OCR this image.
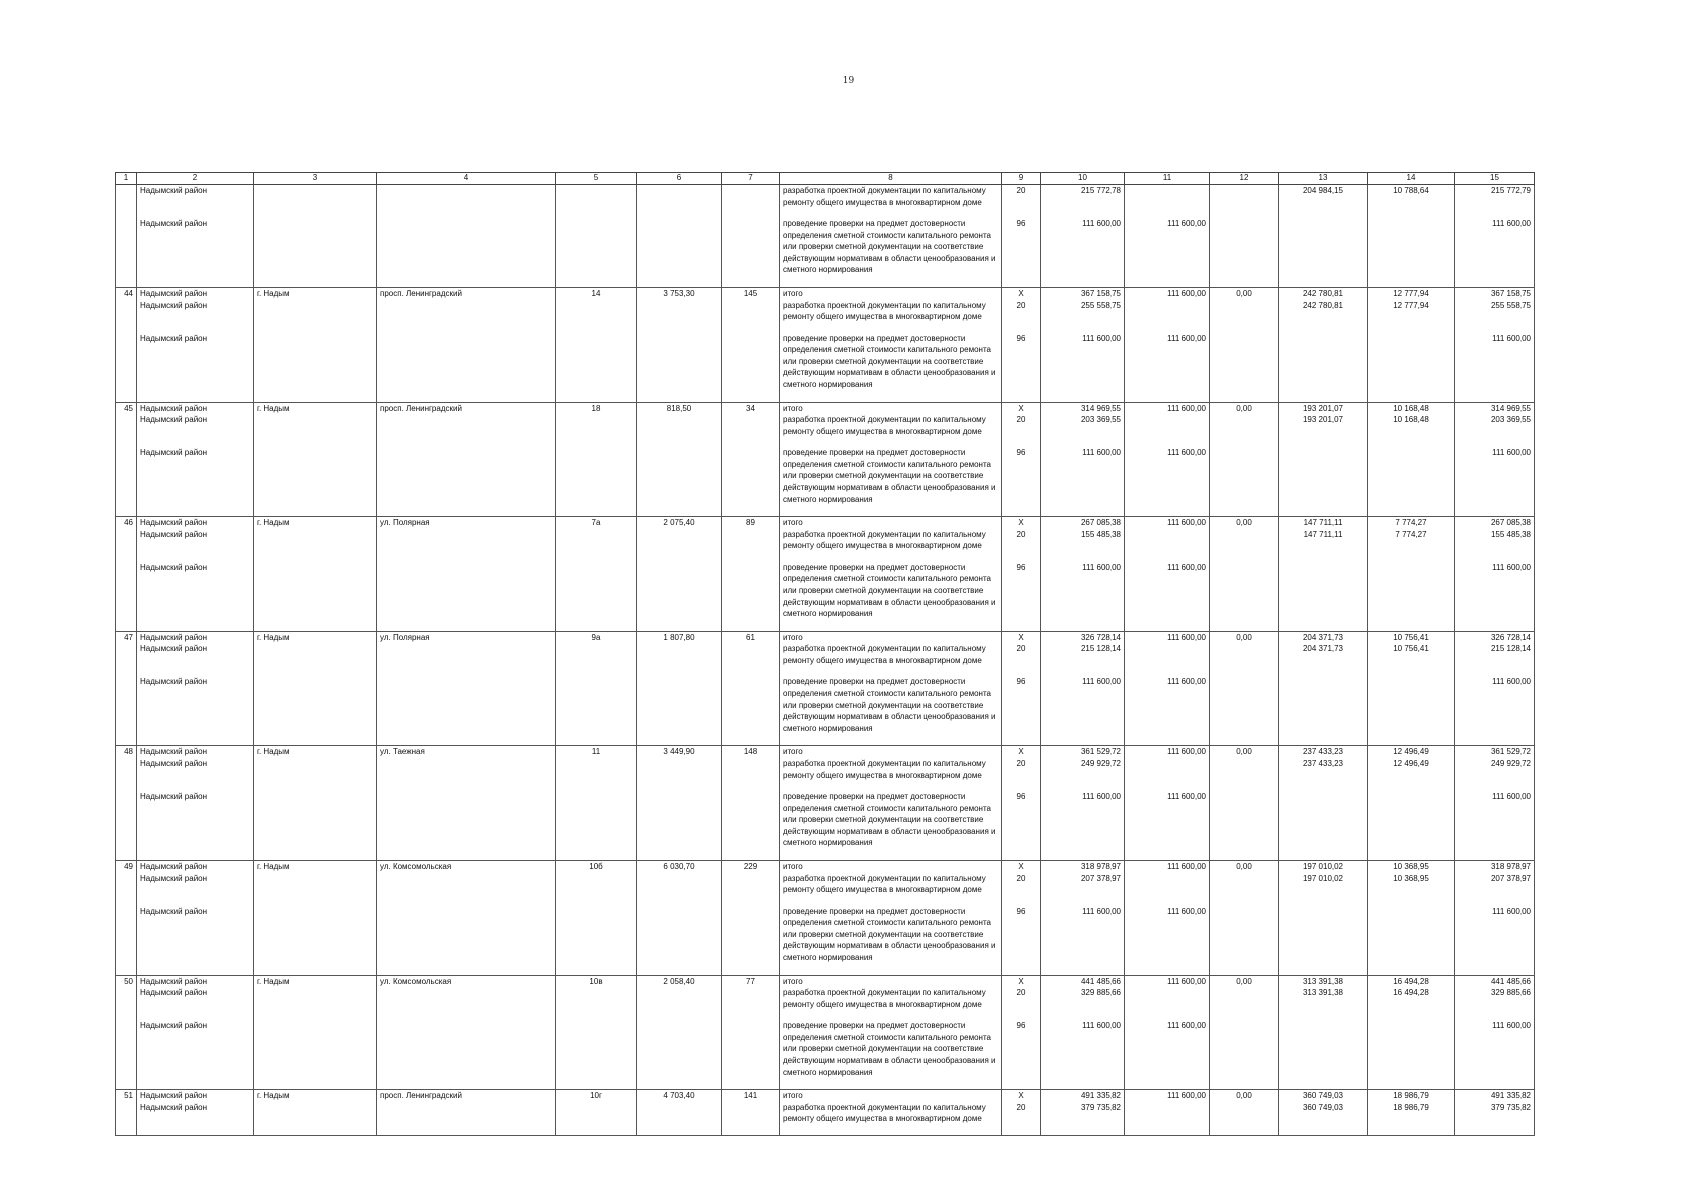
19
1	2	3	4	5	6	7	8	9	10	11	12	13	14	15
	Надымский район						разработка проектной документации по капитальному ремонту общего имущества в многоквартирном доме	20	215 772,78			204 984,15	10 788,64	215 772,79
	Надымский район						проведение проверки на предмет достоверности определения сметной стоимости капитального ремонта или проверки сметной документации на соответствие действующим нормативам в области ценообразования и сметного нормирования	96	111 600,00	111 600,00				111 600,00
44	Надымский район	г. Надым	просп. Ленинградский	14	3 753,30	145	итого	Х	367 158,75	111 600,00	0,00	242 780,81	12 777,94	367 158,75
	Надымский район						разработка проектной документации по капитальному ремонту общего имущества в многоквартирном доме	20	255 558,75			242 780,81	12 777,94	255 558,75
	Надымский район						проведение проверки на предмет достоверности определения сметной стоимости капитального ремонта или проверки сметной документации на соответствие действующим нормативам в области ценообразования и сметного нормирования	96	111 600,00	111 600,00				111 600,00
45	Надымский район	г. Надым	просп. Ленинградский	18	818,50	34	итого	Х	314 969,55	111 600,00	0,00	193 201,07	10 168,48	314 969,55
	Надымский район						разработка проектной документации по капитальному ремонту общего имущества в многоквартирном доме	20	203 369,55			193 201,07	10 168,48	203 369,55
	Надымский район						проведение проверки на предмет достоверности определения сметной стоимости капитального ремонта или проверки сметной документации на соответствие действующим нормативам в области ценообразования и сметного нормирования	96	111 600,00	111 600,00				111 600,00
46	Надымский район	г. Надым	ул. Полярная	7а	2 075,40	89	итого	Х	267 085,38	111 600,00	0,00	147 711,11	7 774,27	267 085,38
	Надымский район						разработка проектной документации по капитальному ремонту общего имущества в многоквартирном доме	20	155 485,38			147 711,11	7 774,27	155 485,38
	Надымский район						проведение проверки на предмет достоверности определения сметной стоимости капитального ремонта или проверки сметной документации на соответствие действующим нормативам в области ценообразования и сметного нормирования	96	111 600,00	111 600,00				111 600,00
47	Надымский район	г. Надым	ул. Полярная	9а	1 807,80	61	итого	Х	326 728,14	111 600,00	0,00	204 371,73	10 756,41	326 728,14
	Надымский район						разработка проектной документации по капитальному ремонту общего имущества в многоквартирном доме	20	215 128,14			204 371,73	10 756,41	215 128,14
	Надымский район						проведение проверки на предмет достоверности определения сметной стоимости капитального ремонта или проверки сметной документации на соответствие действующим нормативам в области ценообразования и сметного нормирования	96	111 600,00	111 600,00				111 600,00
48	Надымский район	г. Надым	ул. Таежная	11	3 449,90	148	итого	Х	361 529,72	111 600,00	0,00	237 433,23	12 496,49	361 529,72
	Надымский район						разработка проектной документации по капитальному ремонту общего имущества в многоквартирном доме	20	249 929,72			237 433,23	12 496,49	249 929,72
	Надымский район						проведение проверки на предмет достоверности определения сметной стоимости капитального ремонта или проверки сметной документации на соответствие действующим нормативам в области ценообразования и сметного нормирования	96	111 600,00	111 600,00				111 600,00
49	Надымский район	г. Надым	ул. Комсомольская	10б	6 030,70	229	итого	Х	318 978,97	111 600,00	0,00	197 010,02	10 368,95	318 978,97
	Надымский район						разработка проектной документации по капитальному ремонту общего имущества в многоквартирном доме	20	207 378,97			197 010,02	10 368,95	207 378,97
	Надымский район						проведение проверки на предмет достоверности определения сметной стоимости капитального ремонта или проверки сметной документации на соответствие действующим нормативам в области ценообразования и сметного нормирования	96	111 600,00	111 600,00				111 600,00
50	Надымский район	г. Надым	ул. Комсомольская	10в	2 058,40	77	итого	Х	441 485,66	111 600,00	0,00	313 391,38	16 494,28	441 485,66
	Надымский район						разработка проектной документации по капитальному ремонту общего имущества в многоквартирном доме	20	329 885,66			313 391,38	16 494,28	329 885,66
	Надымский район						проведение проверки на предмет достоверности определения сметной стоимости капитального ремонта или проверки сметной документации на соответствие действующим нормативам в области ценообразования и сметного нормирования	96	111 600,00	111 600,00				111 600,00
51	Надымский район	г. Надым	просп. Ленинградский	10г	4 703,40	141	итого	Х	491 335,82	111 600,00	0,00	360 749,03	18 986,79	491 335,82
	Надымский район						разработка проектной документации по капитальному ремонту общего имущества в многоквартирном доме	20	379 735,82			360 749,03	18 986,79	379 735,82
